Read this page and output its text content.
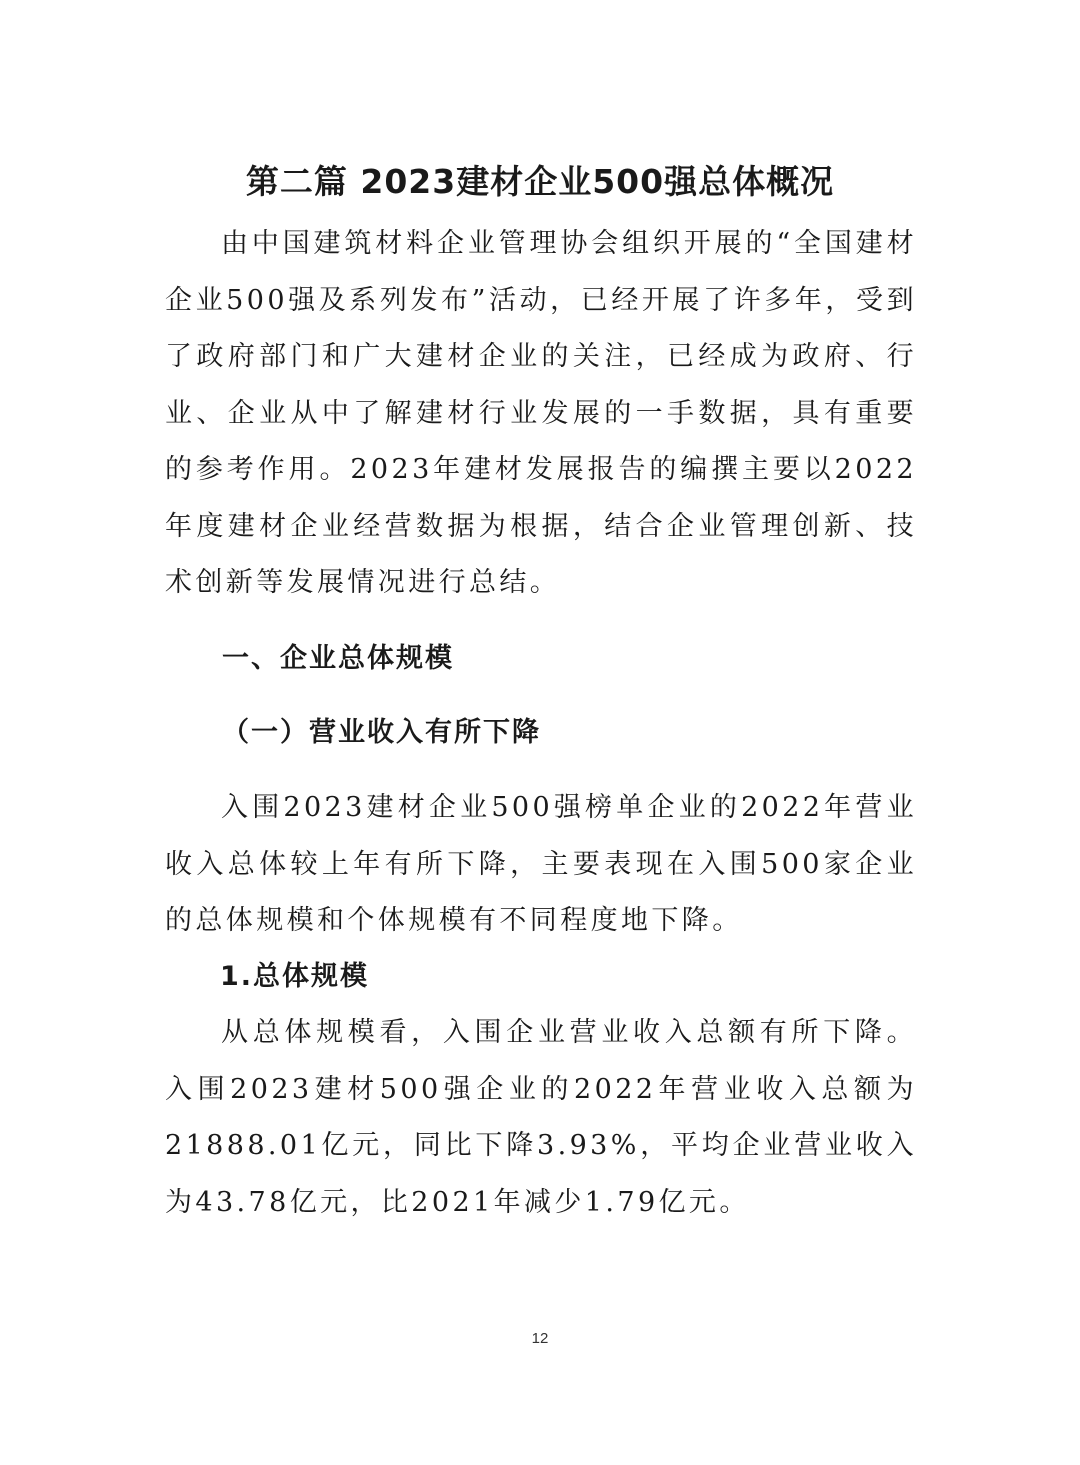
第二篇 2023建材企业500强总体概况

由中国建筑材料企业管理协会组织开展的“全国建材企业500强及系列发布”活动，已经开展了许多年，受到了政府部门和广大建材企业的关注，已经成为政府、行业、企业从中了解建材行业发展的一手数据，具有重要的参考作用。2023年建材发展报告的编撰主要以2022年度建材企业经营数据为根据，结合企业管理创新、技术创新等发展情况进行总结。

一、企业总体规模
（一）营业收入有所下降

入围2023建材企业500强榜单企业的2022年营业收入总体较上年有所下降，主要表现在入围500家企业的总体规模和个体规模有不同程度地下降。

1.总体规模

从总体规模看，入围企业营业收入总额有所下降。入围2023建材500强企业的2022年营业收入总额为21888.01亿元，同比下降3.93%，平均企业营业收入为43.78亿元，比2021年减少1.79亿元。

12
